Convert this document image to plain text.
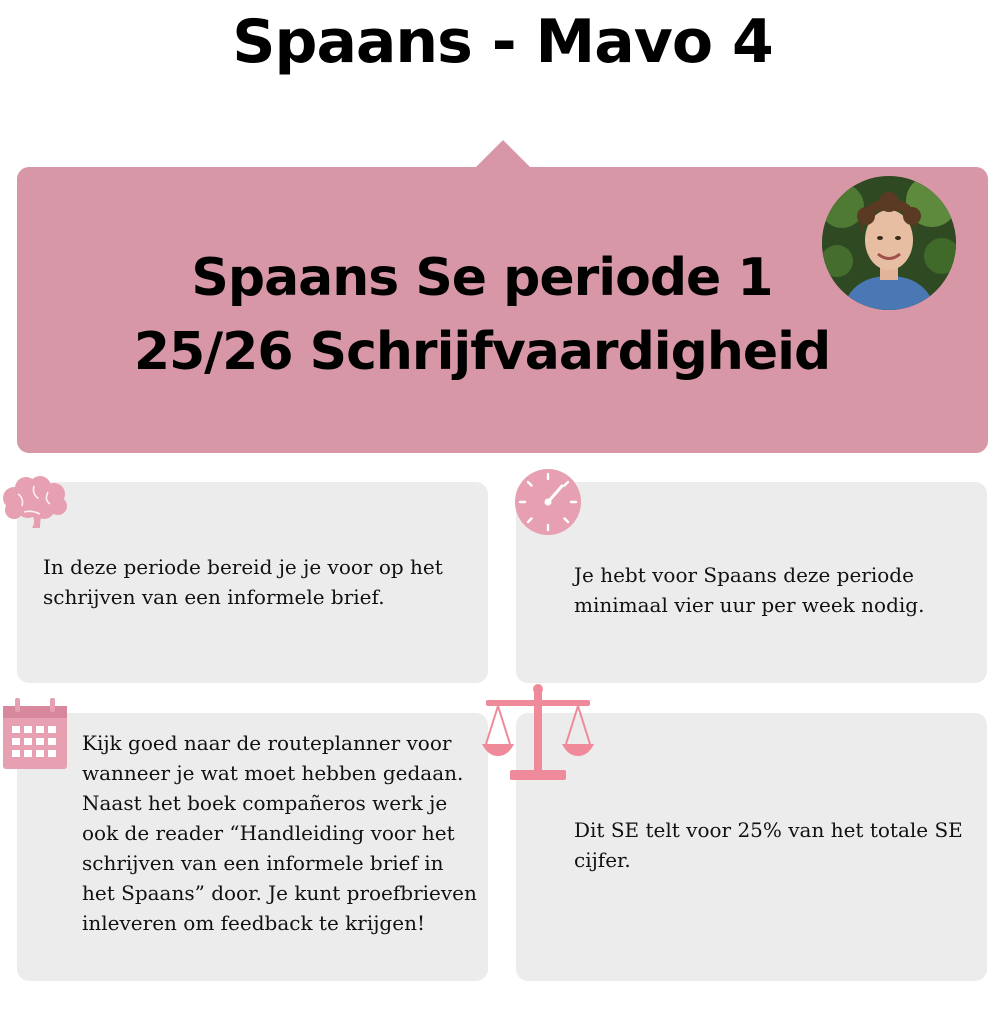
Spaans - Mavo 4
Spaans Se periode 1
25/26 Schrijfvaardigheid
In deze periode bereid je je voor op het schrijven van een informele brief.
Je hebt voor Spaans deze periode minimaal vier uur per week nodig.
Kijk goed naar de routeplanner voor wanneer je wat moet hebben gedaan. Naast het boek compañeros werk je ook de reader “Handleiding voor het schrijven van een informele brief in het Spaans” door. Je kunt proefbrieven inleveren om feedback te krijgen!
Dit SE telt voor 25% van het totale SE cijfer.
